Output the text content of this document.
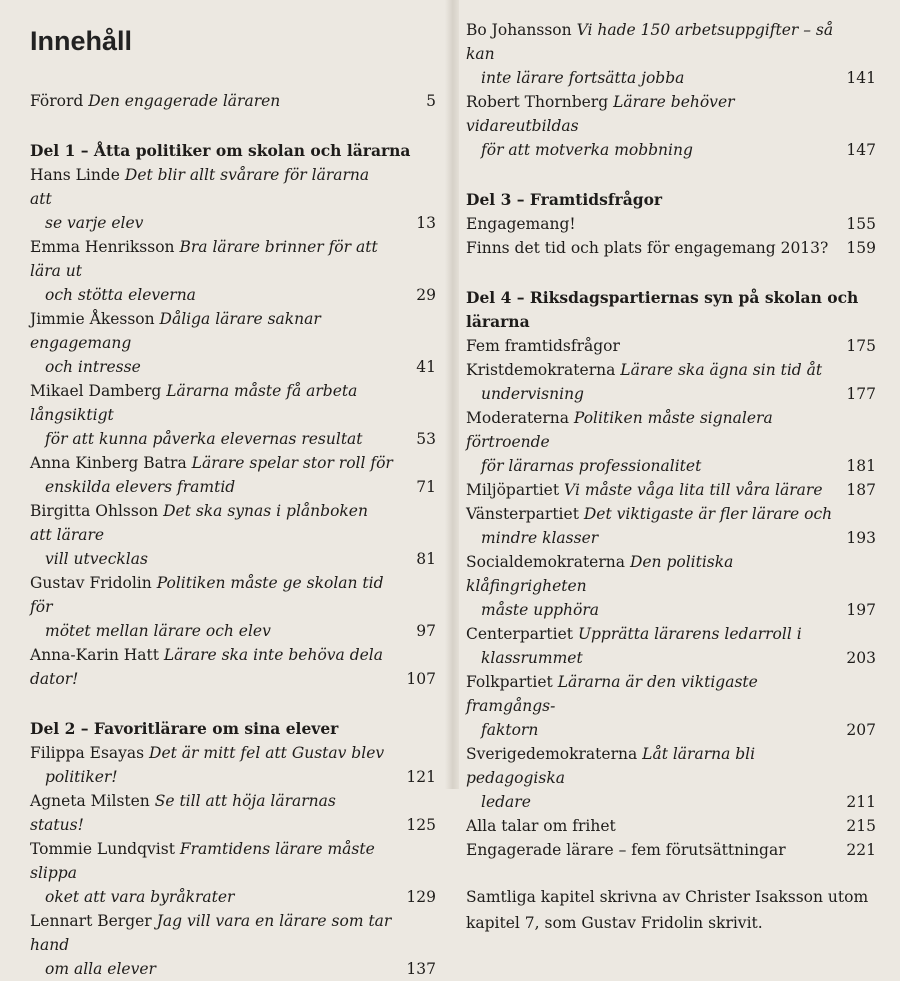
Innehåll
Förord Den engagerade läraren	5
Del 1 – Åtta politiker om skolan och lärarna
Hans Linde Det blir allt svårare för lärarna att
se varje elev	13
Emma Henriksson Bra lärare brinner för att lära ut
och stötta eleverna	29
Jimmie Åkesson Dåliga lärare saknar engagemang
och intresse	41
Mikael Damberg Lärarna måste få arbeta långsiktigt
för att kunna påverka elevernas resultat	53
Anna Kinberg Batra Lärare spelar stor roll för
enskilda elevers framtid	71
Birgitta Ohlsson Det ska synas i plånboken att lärare
vill utvecklas	81
Gustav Fridolin Politiken måste ge skolan tid för
mötet mellan lärare och elev	97
Anna-Karin Hatt Lärare ska inte behöva dela dator!	107
Del 2 – Favoritlärare om sina elever
Filippa Esayas Det är mitt fel att Gustav blev
politiker!	121
Agneta Milsten Se till att höja lärarnas status!	125
Tommie Lundqvist Framtidens lärare måste slippa
oket att vara byråkrater	129
Lennart Berger Jag vill vara en lärare som tar hand
om alla elever	137
Bo Johansson Vi hade 150 arbetsuppgifter – så kan
inte lärare fortsätta jobba	141
Robert Thornberg Lärare behöver vidareutbildas
för att motverka mobbning	147
Del 3 – Framtidsfrågor
Engagemang!	155
Finns det tid och plats för engagemang 2013?	159
Del 4 – Riksdagspartiernas syn på skolan och lärarna
Fem framtidsfrågor	175
Kristdemokraterna Lärare ska ägna sin tid åt
undervisning	177
Moderaterna Politiken måste signalera förtroende
för lärarnas professionalitet	181
Miljöpartiet Vi måste våga lita till våra lärare	187
Vänsterpartiet Det viktigaste är fler lärare och
mindre klasser	193
Socialdemokraterna Den politiska klåfingrigheten
måste upphöra	197
Centerpartiet Upprätta lärarens ledarroll i
klassrummet	203
Folkpartiet Lärarna är den viktigaste framgångs-
faktorn	207
Sverigedemokraterna Låt lärarna bli pedagogiska
ledare	211
Alla talar om frihet	215
Engagerade lärare – fem förutsättningar	221
Samtliga kapitel skrivna av Christer Isaksson utom kapitel 7, som Gustav Fridolin skrivit.
